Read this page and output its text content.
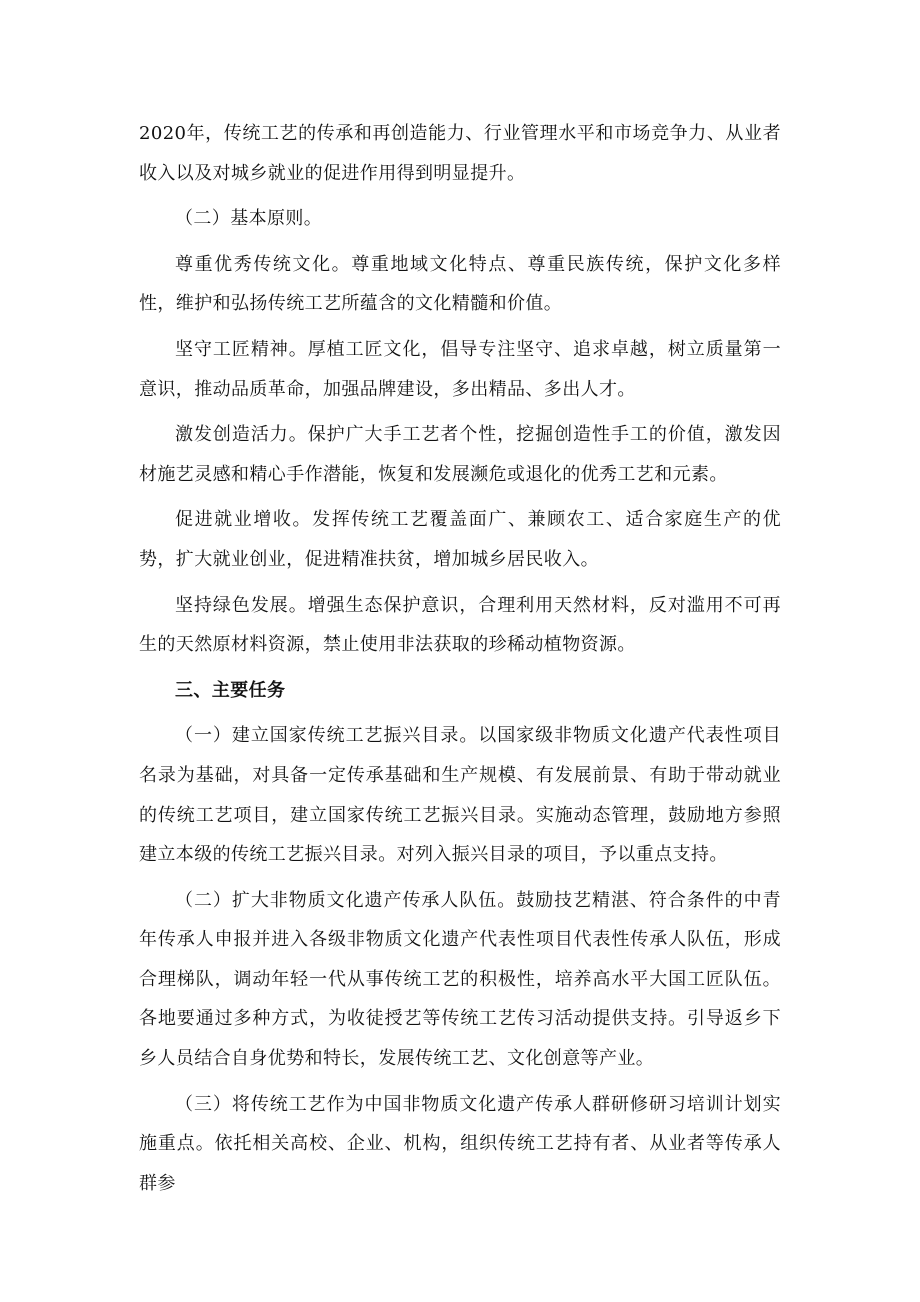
2020年，传统工艺的传承和再创造能力、行业管理水平和市场竞争力、从业者收入以及对城乡就业的促进作用得到明显提升。

（二）基本原则。

尊重优秀传统文化。尊重地域文化特点、尊重民族传统，保护文化多样性，维护和弘扬传统工艺所蕴含的文化精髓和价值。

坚守工匠精神。厚植工匠文化，倡导专注坚守、追求卓越，树立质量第一意识，推动品质革命，加强品牌建设，多出精品、多出人才。

激发创造活力。保护广大手工艺者个性，挖掘创造性手工的价值，激发因材施艺灵感和精心手作潜能，恢复和发展濒危或退化的优秀工艺和元素。

促进就业增收。发挥传统工艺覆盖面广、兼顾农工、适合家庭生产的优势，扩大就业创业，促进精准扶贫，增加城乡居民收入。

坚持绿色发展。增强生态保护意识，合理利用天然材料，反对滥用不可再生的天然原材料资源，禁止使用非法获取的珍稀动植物资源。

三、主要任务

（一）建立国家传统工艺振兴目录。以国家级非物质文化遗产代表性项目名录为基础，对具备一定传承基础和生产规模、有发展前景、有助于带动就业的传统工艺项目，建立国家传统工艺振兴目录。实施动态管理，鼓励地方参照建立本级的传统工艺振兴目录。对列入振兴目录的项目，予以重点支持。

（二）扩大非物质文化遗产传承人队伍。鼓励技艺精湛、符合条件的中青年传承人申报并进入各级非物质文化遗产代表性项目代表性传承人队伍，形成合理梯队，调动年轻一代从事传统工艺的积极性，培养高水平大国工匠队伍。各地要通过多种方式，为收徒授艺等传统工艺传习活动提供支持。引导返乡下乡人员结合自身优势和特长，发展传统工艺、文化创意等产业。

（三）将传统工艺作为中国非物质文化遗产传承人群研修研习培训计划实施重点。依托相关高校、企业、机构，组织传统工艺持有者、从业者等传承人群参
